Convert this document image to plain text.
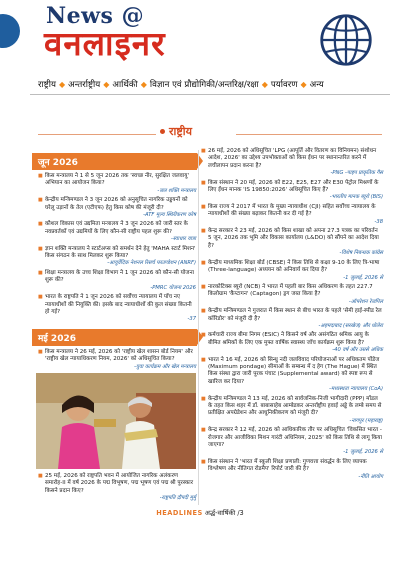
News @
वनलाइनर
राष्ट्रीय ◆ अन्तर्राष्ट्रीय ◆ आर्थिकी ◆ विज्ञान एवं प्रौद्योगिकी/अन्तरिक्ष/रक्षा ◆ पर्यावरण ◆ अन्य
राष्ट्रीय
जून 2026
■ किस मन्त्रालय ने 1 से 5 जून 2026 तक 'स्वच्छ नीर, सुरक्षित जलवायु' अभियान का आयोजन किया?
-जल शक्ति मन्त्रालय
■ केन्द्रीय मन्त्रिमण्डल ने 3 जून 2026 को अनुसूचित नागरिक उड्डयनों को घरेलू उड़ानों के तेल (एटीएफ) हेतु किस कोष की मंजूरी दी?
-ATF मूल्य स्थिरीकरण कोष
■ कौशल विकास एवं उद्यमिता मन्त्रालय ने 3 जून 2026 को जारी स्तर के नवप्रवर्तकों एवं उद्यमियों के लिए कौन-सी राष्ट्रीय पहल शुरू की?
-स्वाधार यात्रा
■ ज्ञान शक्ति मन्त्रालय ने स्टार्टअप्स को समर्थन देने हेतु 'MAHA स्टार्ट मिशन' किस संगठन के साथ मिलकर शुरू किया?
-आयुर्वेदिक नेशनल रिसर्च फाउण्डेशन (ANRF)
■ शिक्षा मन्त्रालय के उच्च शिक्षा विभाग ने 1 जून 2026 को कौन-सी योजना शुरू की?
-PMRC योजना 2026
■ भारत के राष्ट्रपति ने 1 जून 2026 को सर्वोच्च न्यायालय में पाँच नए न्यायाधीशों की नियुक्ति की। इसके बाद न्यायाधीशों की कुल संख्या कितनी हो गई?
-37
मई 2026
■ किस मन्त्रालय ने 26 मई, 2026 को 'राष्ट्रीय खेल शासन बोर्ड नियम' और 'राष्ट्रीय खेल न्यायाधिकरण नियम, 2026' को अधिसूचित किया?
-युवा कार्यक्रम और खेल मन्त्रालय
■ 25 मई, 2026 को राष्ट्रपति भवन में आयोजित नागरिक अलंकरण समारोह-II में वर्ष 2026 के पद्म विभूषण, पद्म भूषण एवं पद्म श्री पुरस्कार किसने प्रदान किए?
-राष्ट्रपति द्रौपदी मुर्मु
■ 26 मई, 2026 को अधिसूचित 'LPG (आपूर्ति और वितरण का विनियमन) संशोधन आदेश, 2026' का उद्देश्य उपभोक्ताओं को किस ईंधन पर स्थानान्तरित करने में लचीलापन प्रदान करना है?
-PNG -पाइप प्राकृतिक गैस
■ किस संस्थान ने 20 मई, 2026 को E22, E25, E27 और E30 पेट्रोल मिश्रणों के लिए ईंधन मानक 'IS 19850:2026' अधिसूचित किए हैं?
-भारतीय मानक ब्यूरो (BIS)
■ किस राज्य ने 2017 में भारत के मुख्य न्यायाधीश (CJI) सहित सर्वोच्च न्यायालय के न्यायाधीशों की संख्या बढ़ाकर कितनी कर दी गई है?
-38
■ केन्द्र सरकार ने 23 मई, 2026 को किस शाखा को अपना 27.3 पत्रक का परिवर्तन 5 जून, 2026 तक भूमि और विकास कार्यालय (L&DO) को सौंपने का आदेश दिया है?
-विशेष निबन्धक कांग्रेस
■ केन्द्रीय माध्यमिक शिक्षा बोर्ड (CBSE) ने किस तिथि से कक्षा 9-10 के लिए त्रि-भाषा (Three-language) अध्ययन को अनिवार्य कर दिया है?
-1 जुलाई, 2026 से
■ नारकोटिक्स ब्यूरो (NCB) ने भारत में पहली बार किस अधिकरण के तहत 227.7 किलोग्राम 'कैप्टागन' (Captagon) ड्रग जब्त किया है?
-ऑपरेशन रेजपिल
■ केन्द्रीय मन्त्रिमण्डल ने गुजरात में किस स्थान से बीच भारत के पहले 'सेमी हाई-स्पीड रेल कॉरिडोर' को मंजूरी दी है?
-अहमदाबाद (सरखेज) और धोलेरा
■ कर्मचारी राज्य बीमा निगम (ESIC) ने किसने वर्ष और असंगठित श्रमिक आयु के बीमित श्रमिकों के लिए एक मुफ्त वार्षिक स्वास्थ्य जाँच कार्यक्रम शुरू किया है?
-40 वर्ष और उससे अधिक
■ भारत ने 16 मई, 2026 को सिन्धु नदी जलविवाद परियोजनाओं पर अधिकतम पोंडेज (Maximum pondage) सीमाओं के सम्बन्ध में द हेग (The Hague) में स्थित किस संस्था द्वारा जारी पूरक पंचाट (Supplemental award) को स्पष्ट रूप से खारिज कर दिया?
-मध्यस्थता न्यायालय (CoA)
■ केन्द्रीय मन्त्रिमण्डल ने 13 मई, 2026 को सार्वजनिक-निजी भागीदारी (PPP) मॉडल के तहत किस शहर में डॉ. बाबासाहेब आम्बेडकर अन्तर्राष्ट्रीय हवाई अड्डे के लम्बे समय से प्रतीक्षित अपग्रेडेशन और आधुनिकीकरण को मंजूरी दी?
-नागपुर (महाराष्ट्र)
■ केन्द्र सरकार ने 12 मई, 2026 को आधिकारिक तौर पर अधिसूचित 'विकसित भारत - रोजगार और आजीविका मिशन गारंटी अधिनियम, 2025' को किस तिथि से लागू किया जाएगा?
-1 जुलाई, 2026 से
■ किस संस्थान ने 'भारत में स्कूली शिक्षा प्रणाली: गुणवत्ता संवर्द्धन के लिए व्यापक विश्लेषण और नीतिगत रोडमैप' रिपोर्ट जारी की है?
-नीति आयोग
HEADLINES अर्द्ध-वार्षिकी /3
